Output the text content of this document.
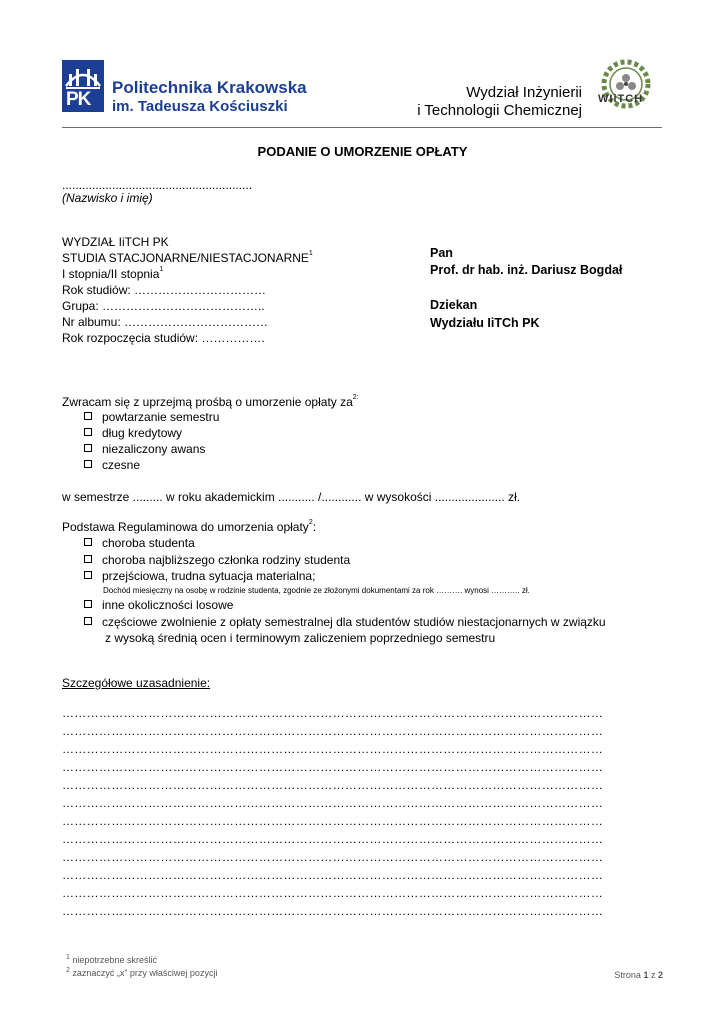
PK
Politechnika Krakowska
im. Tadeusza Kościuszki
Wydział Inżynierii
i Technologii Chemicznej
WIiTCH
PODANIE O UMORZENIE OPŁATY
.........................................................
(Nazwisko i imię)
WYDZIAŁ IiTCH PK
STUDIA STACJONARNE/NIESTACJONARNE$^1$
I stopnia/II stopnia$^1$
Rok studiów: ……………………………
Grupa: …………………………………..
Nr albumu: ………………………………
Rok rozpoczęcia studiów: …………….
Pan
Prof. dr hab. inż. Dariusz Bogdał
Dziekan
Wydziału IiTCh PK
Zwracam się z uprzejmą prośbą o umorzenie opłaty $za^{2:}$
powtarzanie semestru
dług kredytowy
niezaliczony awans
czesne
w semestrze ......... w roku akademickim ........... /............ w wysokości ..................... zł.
Podstawa Regulaminowa do umorzenia opłaty$^2$:
choroba studenta
choroba najbliższego członka rodziny studenta
przejściowa, trudna sytuacja materialna;
Dochód miesięczny na osobę w rodzinie studenta, zgodnie ze złożonymi dokumentami za rok ………. wynosi ……….. zł.
inne okoliczności losowe
częściowe zwolnienie z opłaty semestralnej dla studentów studiów niestacjonarnych w związku
z wysoką średnią ocen i terminowym zaliczeniem poprzedniego semestru
Szczegółowe uzasadnienie:
……………………………………………………………………………………………………………………
……………………………………………………………………………………………………………………
……………………………………………………………………………………………………………………
……………………………………………………………………………………………………………………
……………………………………………………………………………………………………………………
……………………………………………………………………………………………………………………
……………………………………………………………………………………………………………………
……………………………………………………………………………………………………………………
……………………………………………………………………………………………………………………
……………………………………………………………………………………………………………………
……………………………………………………………………………………………………………………
……………………………………………………………………………………………………………………
$^1$ niepotrzebne skreślić
$^2$ zaznaczyć „x” przy właściwej pozycji	Strona 1 z 2
